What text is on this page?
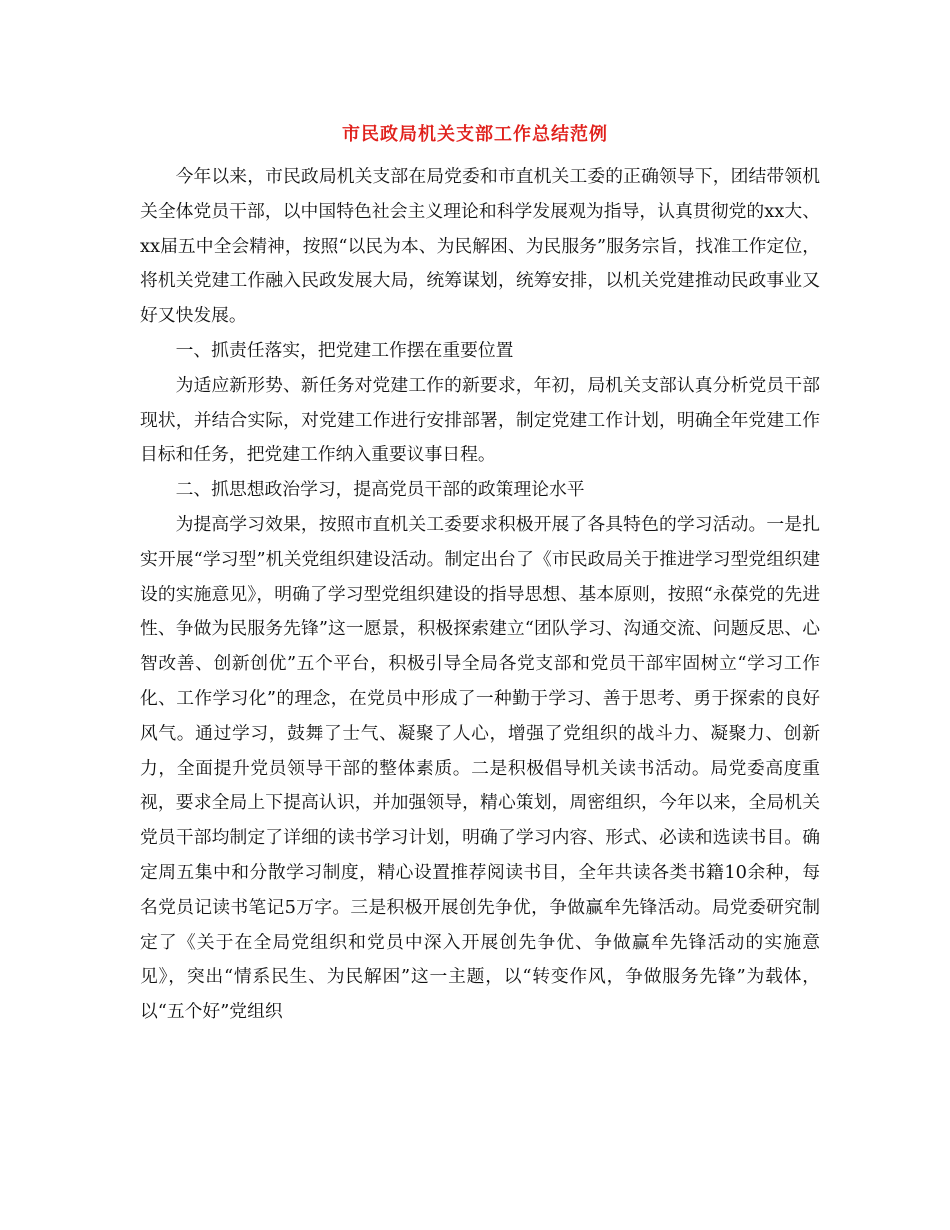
市民政局机关支部工作总结范例

今年以来，市民政局机关支部在局党委和市直机关工委的正确领导下，团结带领机关全体党员干部，以中国特色社会主义理论和科学发展观为指导，认真贯彻党的xx大、xx届五中全会精神，按照“以民为本、为民解困、为民服务”服务宗旨，找准工作定位，将机关党建工作融入民政发展大局，统筹谋划，统筹安排，以机关党建推动民政事业又好又快发展。

一、抓责任落实，把党建工作摆在重要位置

为适应新形势、新任务对党建工作的新要求，年初，局机关支部认真分析党员干部现状，并结合实际，对党建工作进行安排部署，制定党建工作计划，明确全年党建工作目标和任务，把党建工作纳入重要议事日程。

二、抓思想政治学习，提高党员干部的政策理论水平

为提高学习效果，按照市直机关工委要求积极开展了各具特色的学习活动。一是扎实开展“学习型”机关党组织建设活动。制定出台了《市民政局关于推进学习型党组织建设的实施意见》，明确了学习型党组织建设的指导思想、基本原则，按照“永葆党的先进性、争做为民服务先锋”这一愿景，积极探索建立“团队学习、沟通交流、问题反思、心智改善、创新创优”五个平台，积极引导全局各党支部和党员干部牢固树立“学习工作化、工作学习化”的理念，在党员中形成了一种勤于学习、善于思考、勇于探索的良好风气。通过学习，鼓舞了士气、凝聚了人心，增强了党组织的战斗力、凝聚力、创新力，全面提升党员领导干部的整体素质。二是积极倡导机关读书活动。局党委高度重视，要求全局上下提高认识，并加强领导，精心策划，周密组织，今年以来，全局机关党员干部均制定了详细的读书学习计划，明确了学习内容、形式、必读和选读书目。确定周五集中和分散学习制度，精心设置推荐阅读书目，全年共读各类书籍10余种，每名党员记读书笔记5万字。三是积极开展创先争优，争做赢牟先锋活动。局党委研究制定了《关于在全局党组织和党员中深入开展创先争优、争做赢牟先锋活动的实施意见》，突出“情系民生、为民解困”这一主题，以“转变作风，争做服务先锋”为载体，以“五个好”党组织
